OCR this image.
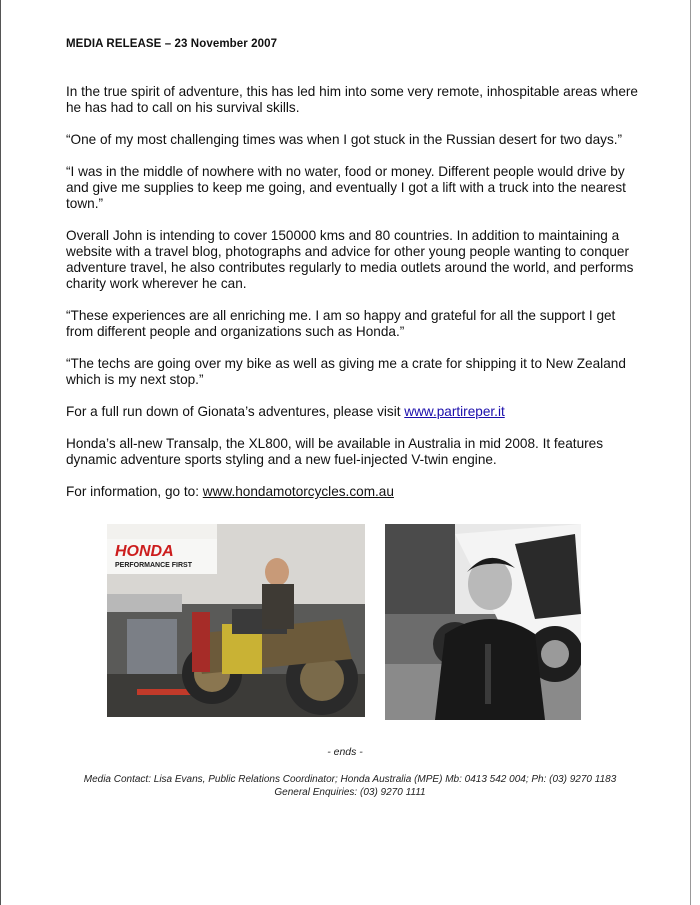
MEDIA RELEASE – 23 November 2007

In the true spirit of adventure, this has led him into some very remote, inhospitable areas where he has had to call on his survival skills.

“One of my most challenging times was when I got stuck in the Russian desert for two days.”

“I was in the middle of nowhere with no water, food or money. Different people would drive by and give me supplies to keep me going, and eventually I got a lift with a truck into the nearest town.”

Overall John is intending to cover 150000 kms and 80 countries. In addition to maintaining a website with a travel blog, photographs and advice for other young people wanting to conquer adventure travel, he also contributes regularly to media outlets around the world, and performs charity work wherever he can.

“These experiences are all enriching me. I am so happy and grateful for all the support I get from different people and organizations such as Honda.”

“The techs are going over my bike as well as giving me a crate for shipping it to New Zealand which is my next stop.”

For a full run down of Gionata’s adventures, please visit www.partireper.it

Honda’s all-new Transalp, the XL800, will be available in Australia in mid 2008. It features dynamic adventure sports styling and a new fuel-injected V-twin engine.

For information, go to: www.hondamotorcycles.com.au

HONDA
PERFORMANCE FIRST
- ends -
Media Contact: Lisa Evans, Public Relations Coordinator; Honda Australia (MPE) Mb: 0413 542 004; Ph: (03) 9270 1183
General Enquiries: (03) 9270 1111
